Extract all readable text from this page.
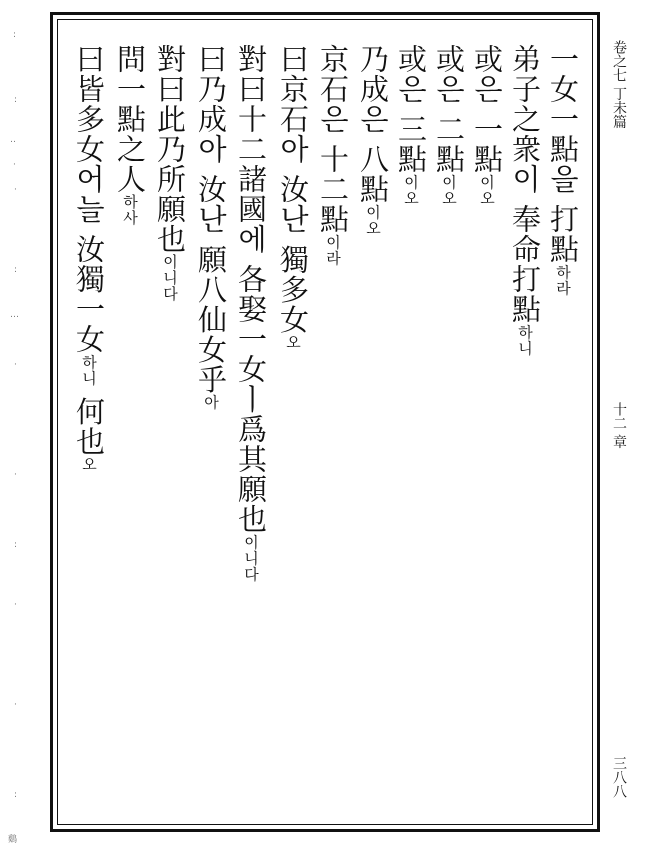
卷之七 丁未篇
十二 章
三八八
一女一點을 打點하라
弟子之衆이 奉命打點하니
或은 一點이오
或은 二點이오
或은 三點이오
乃成은 八點이오
京石은 十二點이라
曰京石아 汝난 獨多女오
對曰十二諸國에 各娶一女ㅣ爲其願也이니다
曰乃成아 汝난 願八仙女乎아
對曰此乃所願也이니다
問一點之人하사
曰皆多女어늘 汝獨一女하니 何也오
:
:
‥
·
·
:
…
·
·
:
·
·
:
鷄
